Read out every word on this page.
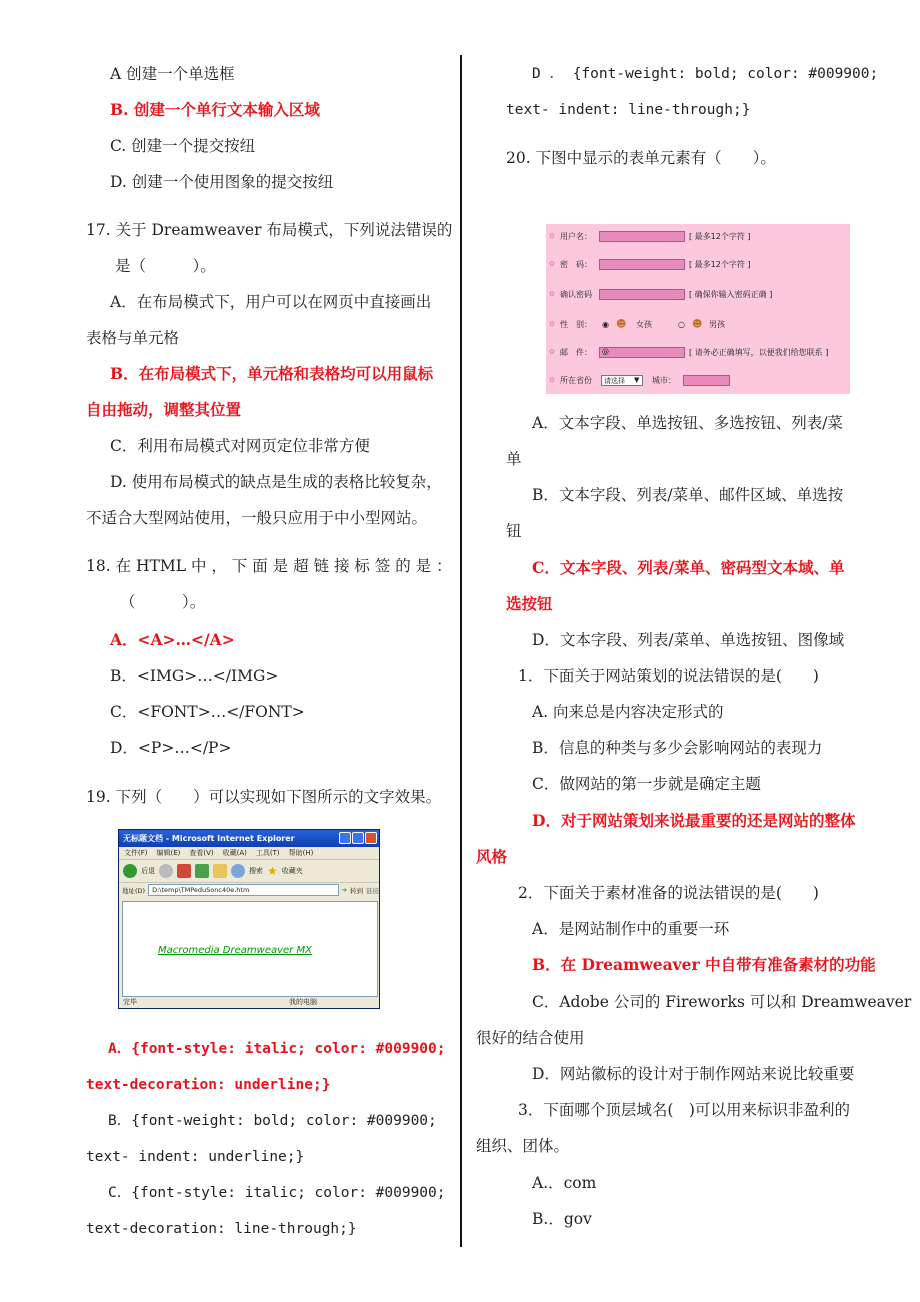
A 创建一个单选框
B. 创建一个单行文本输入区域
C. 创建一个提交按纽
D. 创建一个使用图象的提交按纽
17. 关于 Dreamweaver 布局模式，下列说法错误的
是（　　　）。
A．在布局模式下，用户可以在网页中直接画出
表格与单元格
B．在布局模式下，单元格和表格均可以用鼠标
自由拖动，调整其位置
C．利用布局模式对网页定位非常方便
D. 使用布局模式的缺点是生成的表格比较复杂，
不适合大型网站使用，一般只应用于中小型网站。
18. 在 HTML 中 ， 下 面 是 超 链 接 标 签 的 是 ：
（　　　）。
A．<A>…</A>
B．<IMG>…</IMG>
C．<FONT>…</FONT>
D．<P>…</P>
19. 下列（　　）可以实现如下图所示的文字效果。
无标题文档 - Microsoft Internet Explorer
文件(F) 编辑(E) 查看(V) 收藏(A) 工具(T) 帮助(H)
后退	搜索 ★ 收藏夹
地址(D)	D:\temp\TMPeduSonc40e.htm	➔ 转到 链接
Macromedia Dreamweaver MX
完毕	我的电脑
A．{font-style: italic; color: #009900;
text-decoration: underline;}
B．{font-weight: bold; color: #009900;
text- indent: underline;}
C．{font-style: italic; color: #009900;
text-decoration: line-through;}
D ． {font-weight: bold; color: #009900;
text- indent: line-through;}
20. 下图中显示的表单元素有（　　）。
✿ 用户名：	[ 最多12个字符 ]
✿ 密　码：	[ 最多12个字符 ]
✿ 确认密码	[ 确保你输入密码正确 ]
✿ 性　别： ◉ ☻ 女孩	○ ☻ 男孩
✿ 邮　件：	@	[ 请务必正确填写，以便我们给您联系 ]
✿ 所在省份	请选择	▼ 城市：
A．文本字段、单选按钮、多选按钮、列表/菜
单
B．文本字段、列表/菜单、邮件区域、单选按
钮
C．文本字段、列表/菜单、密码型文本域、单
选按钮
D．文本字段、列表/菜单、单选按钮、图像域
1．下面关于网站策划的说法错误的是(　　)
A. 向来总是内容决定形式的
B．信息的种类与多少会影响网站的表现力
C．做网站的第一步就是确定主题
D．对于网站策划来说最重要的还是网站的整体
风格
2．下面关于素材准备的说法错误的是(　　)
A．是网站制作中的重要一环
B．在 Dreamweaver 中自带有准备素材的功能
C．Adobe 公司的 Fireworks 可以和 Dreamweaver
很好的结合使用
D．网站徽标的设计对于制作网站来说比较重要
3．下面哪个顶层域名(　)可以用来标识非盈利的
组织、团体。
A.．com
B.．gov
